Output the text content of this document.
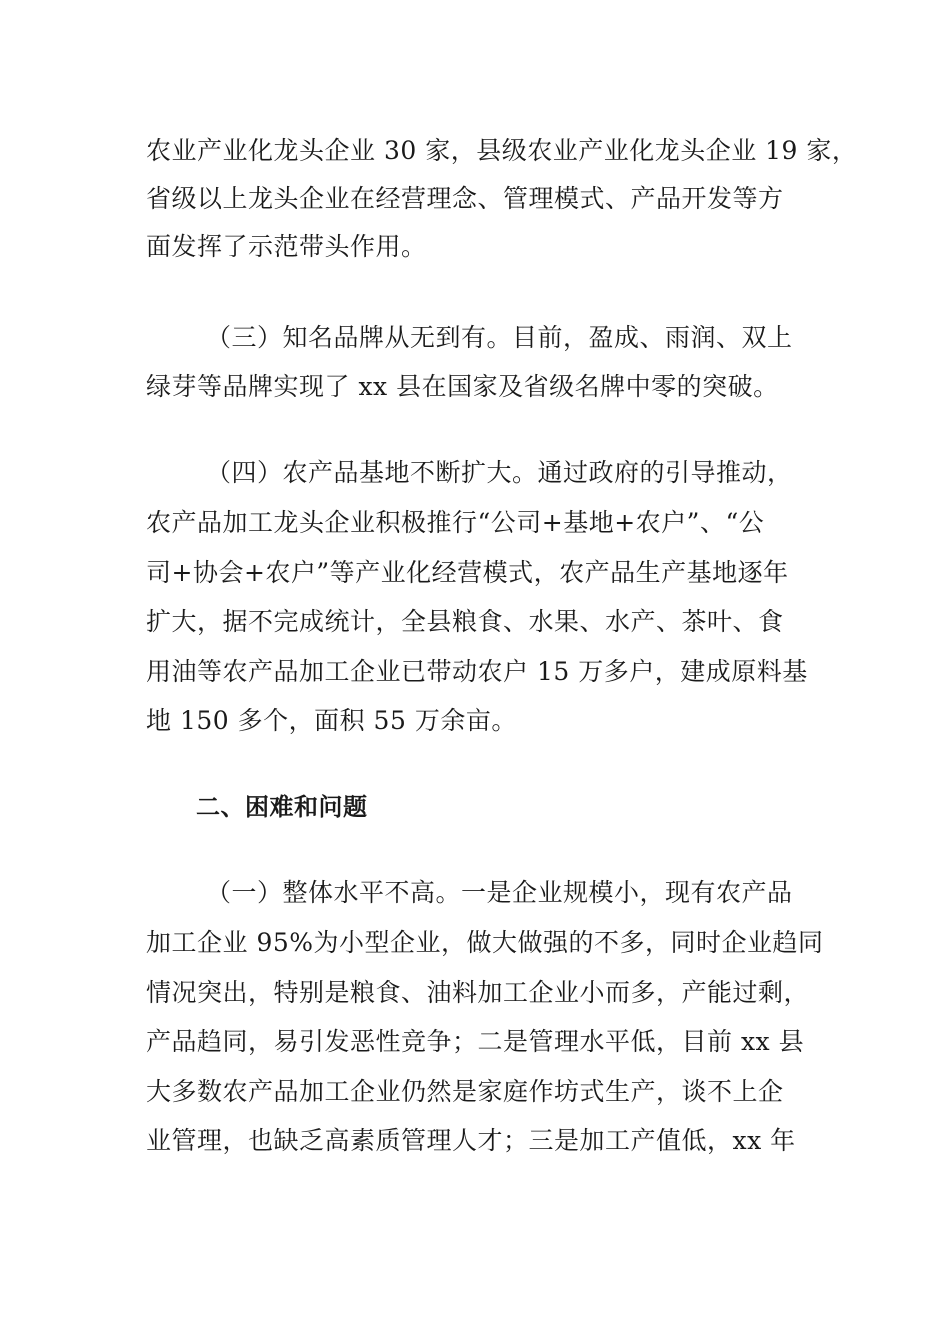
农业产业化龙头企业 30 家，县级农业产业化龙头企业 19 家，
省级以上龙头企业在经营理念、管理模式、产品开发等方
面发挥了示范带头作用。
（三）知名品牌从无到有。目前，盈成、雨润、双上
绿芽等品牌实现了 xx 县在国家及省级名牌中零的突破。
（四）农产品基地不断扩大。通过政府的引导推动，
农产品加工龙头企业积极推行“公司+基地+农户”、“公
司+协会+农户”等产业化经营模式，农产品生产基地逐年
扩大，据不完成统计，全县粮食、水果、水产、茶叶、食
用油等农产品加工企业已带动农户 15 万多户，建成原料基
地 150 多个，面积 55 万余亩。
二、困难和问题
（一）整体水平不高。一是企业规模小，现有农产品
加工企业 95%为小型企业，做大做强的不多，同时企业趋同
情况突出，特别是粮食、油料加工企业小而多，产能过剩，
产品趋同，易引发恶性竞争；二是管理水平低，目前 xx 县
大多数农产品加工企业仍然是家庭作坊式生产，谈不上企
业管理，也缺乏高素质管理人才；三是加工产值低，xx 年
